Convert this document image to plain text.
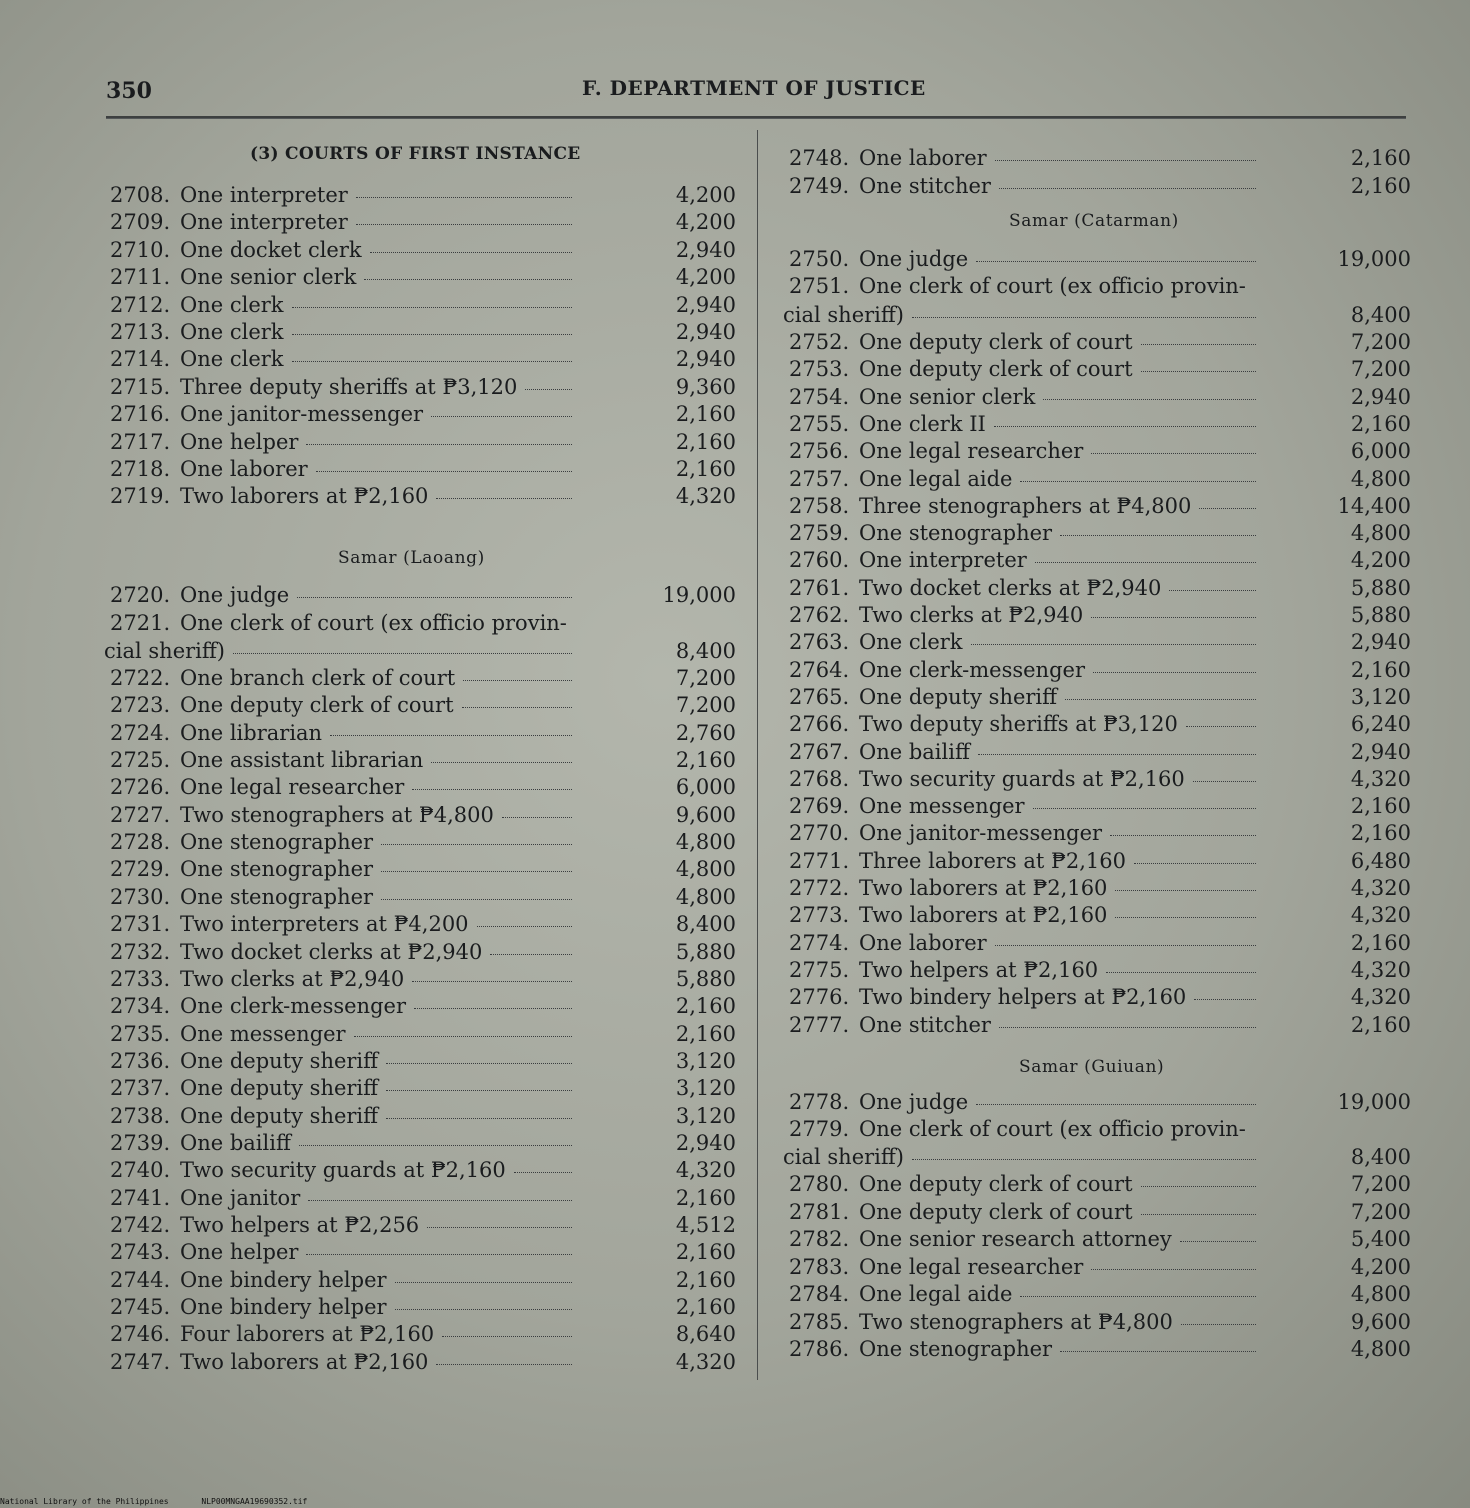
350	F. DEPARTMENT OF JUSTICE
(3) COURTS OF FIRST INSTANCE
2708. One interpreter	4,200
2709. One interpreter	4,200
2710. One docket clerk	2,940
2711. One senior clerk	4,200
2712. One clerk	2,940
2713. One clerk	2,940
2714. One clerk	2,940
2715. Three deputy sheriffs at ₱3,120	9,360
2716. One janitor-messenger	2,160
2717. One helper	2,160
2718. One laborer	2,160
2719. Two laborers at ₱2,160	4,320
Samar (Laoang)
2720. One judge	19,000
2721. One clerk of court (ex officio provin-
cial sheriff)	8,400
2722. One branch clerk of court	7,200
2723. One deputy clerk of court	7,200
2724. One librarian	2,760
2725. One assistant librarian	2,160
2726. One legal researcher	6,000
2727. Two stenographers at ₱4,800	9,600
2728. One stenographer	4,800
2729. One stenographer	4,800
2730. One stenographer	4,800
2731. Two interpreters at ₱4,200	8,400
2732. Two docket clerks at ₱2,940	5,880
2733. Two clerks at ₱2,940	5,880
2734. One clerk-messenger	2,160
2735. One messenger	2,160
2736. One deputy sheriff	3,120
2737. One deputy sheriff	3,120
2738. One deputy sheriff	3,120
2739. One bailiff	2,940
2740. Two security guards at ₱2,160	4,320
2741. One janitor	2,160
2742. Two helpers at ₱2,256	4,512
2743. One helper	2,160
2744. One bindery helper	2,160
2745. One bindery helper	2,160
2746. Four laborers at ₱2,160	8,640
2747. Two laborers at ₱2,160	4,320
2748. One laborer	2,160
2749. One stitcher	2,160
Samar (Catarman)
2750. One judge	19,000
2751. One clerk of court (ex officio provin-
cial sheriff)	8,400
2752. One deputy clerk of court	7,200
2753. One deputy clerk of court	7,200
2754. One senior clerk	2,940
2755. One clerk II	2,160
2756. One legal researcher	6,000
2757. One legal aide	4,800
2758. Three stenographers at ₱4,800	14,400
2759. One stenographer	4,800
2760. One interpreter	4,200
2761. Two docket clerks at ₱2,940	5,880
2762. Two clerks at ₱2,940	5,880
2763. One clerk	2,940
2764. One clerk-messenger	2,160
2765. One deputy sheriff	3,120
2766. Two deputy sheriffs at ₱3,120	6,240
2767. One bailiff	2,940
2768. Two security guards at ₱2,160	4,320
2769. One messenger	2,160
2770. One janitor-messenger	2,160
2771. Three laborers at ₱2,160	6,480
2772. Two laborers at ₱2,160	4,320
2773. Two laborers at ₱2,160	4,320
2774. One laborer	2,160
2775. Two helpers at ₱2,160	4,320
2776. Two bindery helpers at ₱2,160	4,320
2777. One stitcher	2,160
Samar (Guiuan)
2778. One judge	19,000
2779. One clerk of court (ex officio provin-
cial sheriff)	8,400
2780. One deputy clerk of court	7,200
2781. One deputy clerk of court	7,200
2782. One senior research attorney	5,400
2783. One legal researcher	4,200
2784. One legal aide	4,800
2785. Two stenographers at ₱4,800	9,600
2786. One stenographer	4,800
National Library of the Philippines	NLP00MNGAA19690352.tif
